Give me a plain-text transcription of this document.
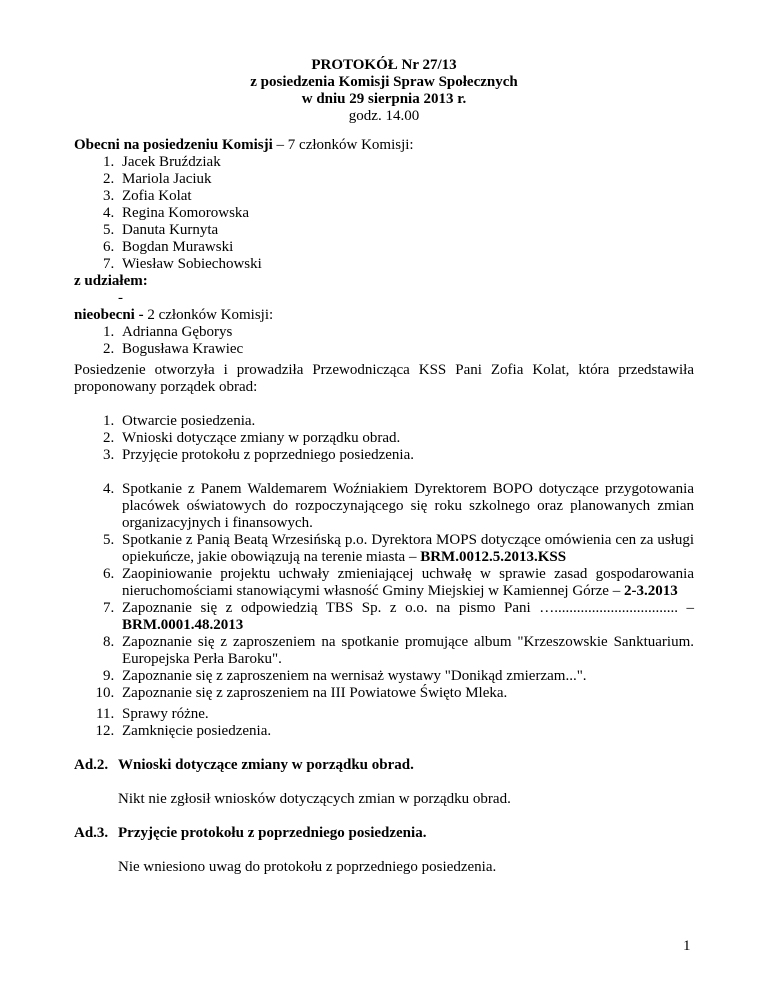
PROTOKÓŁ Nr 27/13
z posiedzenia Komisji Spraw Społecznych
w dniu 29 sierpnia 2013 r.
godz. 14.00
Obecni na posiedzeniu Komisji – 7 członków Komisji:
1. Jacek Bruździak
2. Mariola Jaciuk
3. Zofia Kolat
4. Regina Komorowska
5. Danuta Kurnyta
6. Bogdan Murawski
7. Wiesław Sobiechowski
z udziałem:
-
nieobecni - 2 członków Komisji:
1. Adrianna Gęborys
2. Bogusława Krawiec
Posiedzenie otworzyła i prowadziła Przewodnicząca KSS Pani Zofia Kolat, która przedstawiła proponowany porządek obrad:
1. Otwarcie posiedzenia.
2. Wnioski dotyczące zmiany w porządku obrad.
3. Przyjęcie protokołu z poprzedniego posiedzenia.
4. Spotkanie z Panem Waldemarem Woźniakiem Dyrektorem BOPO dotyczące przygotowania placówek oświatowych do rozpoczynającego się roku szkolnego oraz planowanych zmian organizacyjnych i finansowych.
5. Spotkanie z Panią Beatą Wrzesińską p.o. Dyrektora MOPS dotyczące omówienia cen za usługi opiekuńcze, jakie obowiązują na terenie miasta – BRM.0012.5.2013.KSS
6. Zaopiniowanie projektu uchwały zmieniającej uchwałę w sprawie zasad gospodarowania nieruchomościami stanowiącymi własność Gminy Miejskiej w Kamiennej Górze – 2-3.2013
7. Zapoznanie się z odpowiedzią TBS Sp. z o.o. na pismo Pani …................................. – BRM.0001.48.2013
8. Zapoznanie się z zaproszeniem na spotkanie promujące album "Krzeszowskie Sanktuarium. Europejska Perła Baroku".
9. Zapoznanie się z zaproszeniem na wernisaż wystawy "Donikąd zmierzam...".
10. Zapoznanie się z zaproszeniem na III Powiatowe Święto Mleka.
11. Sprawy różne.
12. Zamknięcie posiedzenia.
Ad.2. Wnioski dotyczące zmiany w porządku obrad.
Nikt nie zgłosił wniosków dotyczących zmian w porządku obrad.
Ad.3. Przyjęcie protokołu z poprzedniego posiedzenia.
Nie wniesiono uwag do protokołu z poprzedniego posiedzenia.
1
